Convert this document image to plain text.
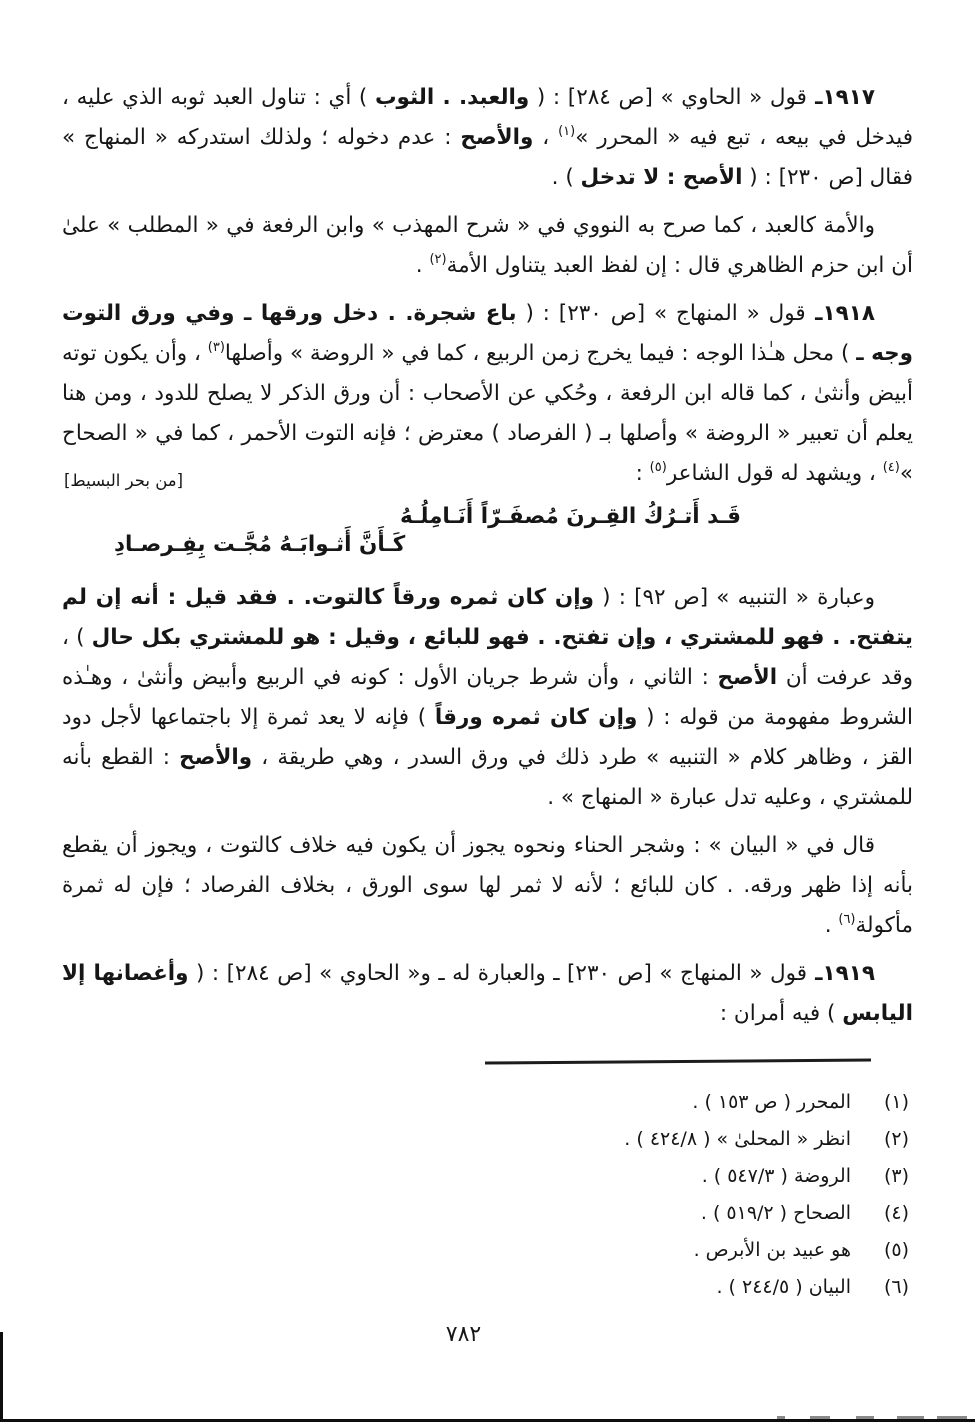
١٩١٧ـ قول « الحاوي » [ص ٢٨٤] : ( والعبد. . الثوب ) أي : تناول العبد ثوبه الذي عليه ، فيدخل في بيعه ، تبع فيه « المحرر »$^{(١)}$ ، والأصح : عدم دخوله ؛ ولذلك استدركه « المنهاج » فقال [ص ٢٣٠] : ( الأصح : لا تدخل ) .

والأمة كالعبد ، كما صرح به النووي في « شرح المهذب » وابن الرفعة في « المطلب » علىٰ أن ابن حزم الظاهري قال : إن لفظ العبد يتناول الأمة$^{(٢)}$ .

١٩١٨ـ قول « المنهاج » [ص ٢٣٠] : ( باع شجرة. . دخل ورقها ـ وفي ورق التوت وجه ـ ) محل هـٰذا الوجه : فيما يخرج زمن الربيع ، كما في « الروضة » وأصلها$^{(٣)}$ ، وأن يكون توته أبيض وأنثىٰ ، كما قاله ابن الرفعة ، وحُكي عن الأصحاب : أن ورق الذكر لا يصلح للدود ، ومن هنا يعلم أن تعبير « الروضة » وأصلها بـ ( الفرصاد ) معترض ؛ فإنه التوت الأحمر ، كما في « الصحاح »$^{(٤)}$ ، ويشهد له قول الشاعر$^{(٥)}$ :

[من بحر البسيط]
قَـد أَتـرُكُ القِـرنَ مُصفَـرّاً أَنَـامِلُـهُ
كَـأَنَّ أَثـوابَـهُ مُجَّـت بِفِـرصـادِ

وعبارة « التنبيه » [ص ٩٢] : ( وإن كان ثمره ورقاً كالتوت. . فقد قيل : أنه إن لم يتفتح. . فهو للمشتري ، وإن تفتح. . فهو للبائع ، وقيل : هو للمشتري بكل حال ) ، وقد عرفت أن الأصح : الثاني ، وأن شرط جريان الأول : كونه في الربيع وأبيض وأنثىٰ ، وهـٰذه الشروط مفهومة من قوله : ( وإن كان ثمره ورقاً ) فإنه لا يعد ثمرة إلا باجتماعها لأجل دود القز ، وظاهر كلام « التنبيه » طرد ذلك في ورق السدر ، وهي طريقة ، والأصح : القطع بأنه للمشتري ، وعليه تدل عبارة « المنهاج » .

قال في « البيان » : وشجر الحناء ونحوه يجوز أن يكون فيه خلاف كالتوت ، ويجوز أن يقطع بأنه إذا ظهر ورقه. . كان للبائع ؛ لأنه لا ثمر لها سوى الورق ، بخلاف الفرصاد ؛ فإن له ثمرة مأكولة$^{(٦)}$ .

١٩١٩ـ قول « المنهاج » [ص ٢٣٠] ـ والعبارة له ـ و« الحاوي » [ص ٢٨٤] : ( وأغصانها إلا اليابس ) فيه أمران :

(١)
المحرر ( ص ١٥٣ ) .
(٢)
انظر « المحلىٰ » ( ٤٢٤/٨ ) .
(٣)
الروضة ( ٥٤٧/٣ ) .
(٤)
الصحاح ( ٥١٩/٢ ) .
(٥)
هو عبيد بن الأبرص .
(٦)
البيان ( ٢٤٤/٥ ) .
٧٨٢
